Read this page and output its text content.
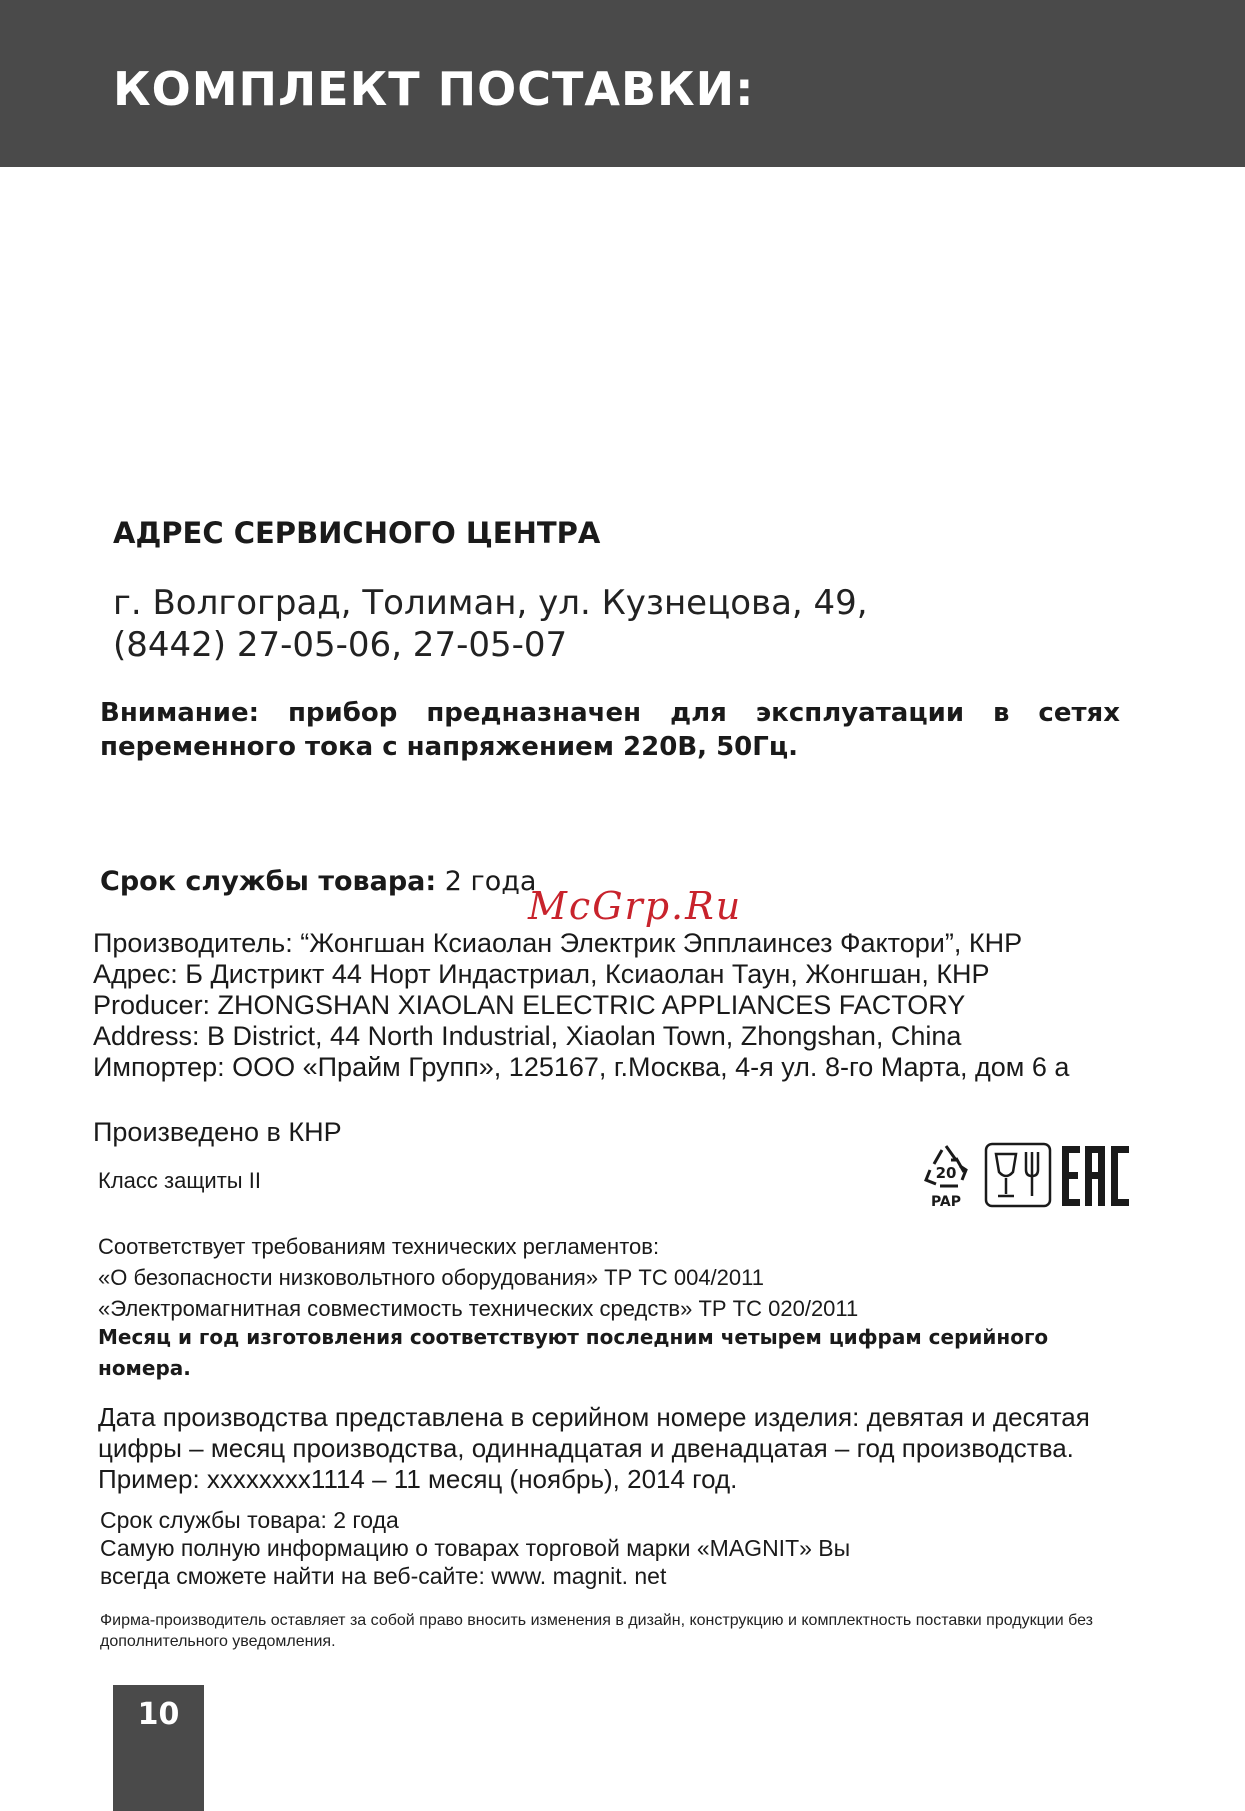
КОМПЛЕКТ ПОСТАВКИ:
АДРЕС СЕРВИСНОГО ЦЕНТРА
г. Волгоград, Толиман, ул. Кузнецова, 49,
(8442) 27-05-06, 27-05-07
Внимание: прибор предназначен для эксплуатации в сетях переменного тока с напряжением 220В, 50Гц.
Срок службы товара: 2 года
McGrp.Ru
Производитель: “Жонгшан Ксиаолан Электрик Эпплаинсез Фактори”, КНР
Адрес: Б Дистрикт 44 Норт Индастриал, Ксиаолан Таун, Жонгшан, КНР
Producer: ZHONGSHAN XIAOLAN ELECTRIC APPLIANCES FACTORY
Address: B District, 44 North Industrial, Xiaolan Town, Zhongshan, China
Импортер: ООО «Прайм Групп», 125167, г.Москва, 4-я ул. 8-го Марта, дом 6 а
Произведено в КНР
Класс защиты II	20
PAP
Соответствует требованиям технических регламентов:
«О безопасности низковольтного оборудования» ТР ТС 004/2011
«Электромагнитная совместимость технических средств» ТР ТС 020/2011
Месяц и год изготовления соответствуют последним четырем цифрам серийного номера.
Дата производства представлена в серийном номере изделия: девятая и десятая
цифры – месяц производства, одиннадцатая и двенадцатая – год производства.
Пример: xxxxxxxx1114 – 11 месяц (ноябрь), 2014 год.
Срок службы товара: 2 года
Самую полную информацию о товарах торговой марки «MAGNIT» Вы
всегда сможете найти на веб-сайте: www. magnit. net
Фирма-производитель оставляет за собой право вносить изменения в дизайн, конструкцию и комплектность поставки продукции без дополнительного уведомления.
10
